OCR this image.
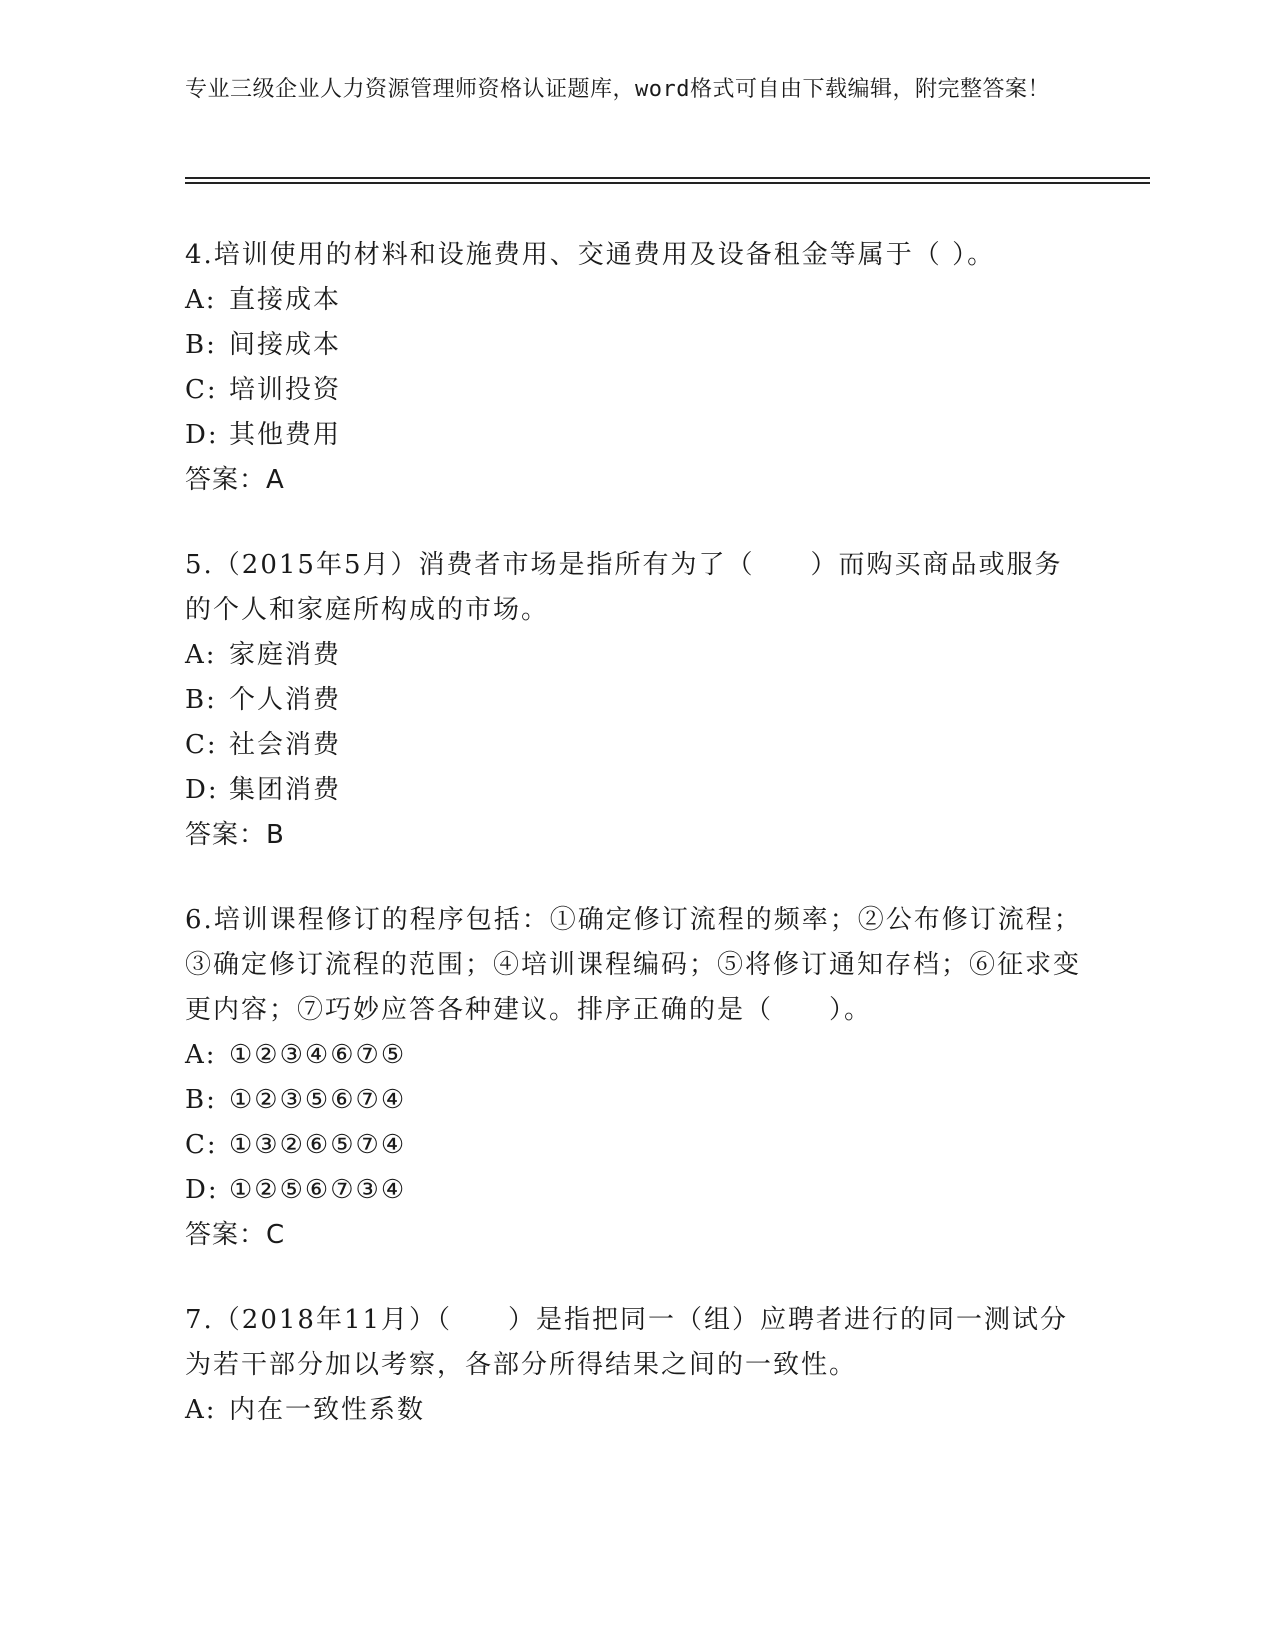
专业三级企业人力资源管理师资格认证题库，word格式可自由下载编辑，附完整答案！

4.培训使用的材料和设施费用、交通费用及设备租金等属于（ ）。

A: 直接成本

B: 间接成本

C: 培训投资

D: 其他费用

答案：A

5.（2015年5月）消费者市场是指所有为了（　　）而购买商品或服务的个人和家庭所构成的市场。

A: 家庭消费

B: 个人消费

C: 社会消费

D: 集团消费

答案：B

6.培训课程修订的程序包括：①确定修订流程的频率；②公布修订流程；③确定修订流程的范围；④培训课程编码；⑤将修订通知存档；⑥征求变更内容；⑦巧妙应答各种建议。排序正确的是（　　）。

A: ①②③④⑥⑦⑤

B: ①②③⑤⑥⑦④

C: ①③②⑥⑤⑦④

D: ①②⑤⑥⑦③④

答案：C

7.（2018年11月）（　　）是指把同一（组）应聘者进行的同一测试分为若干部分加以考察，各部分所得结果之间的一致性。

A: 内在一致性系数
